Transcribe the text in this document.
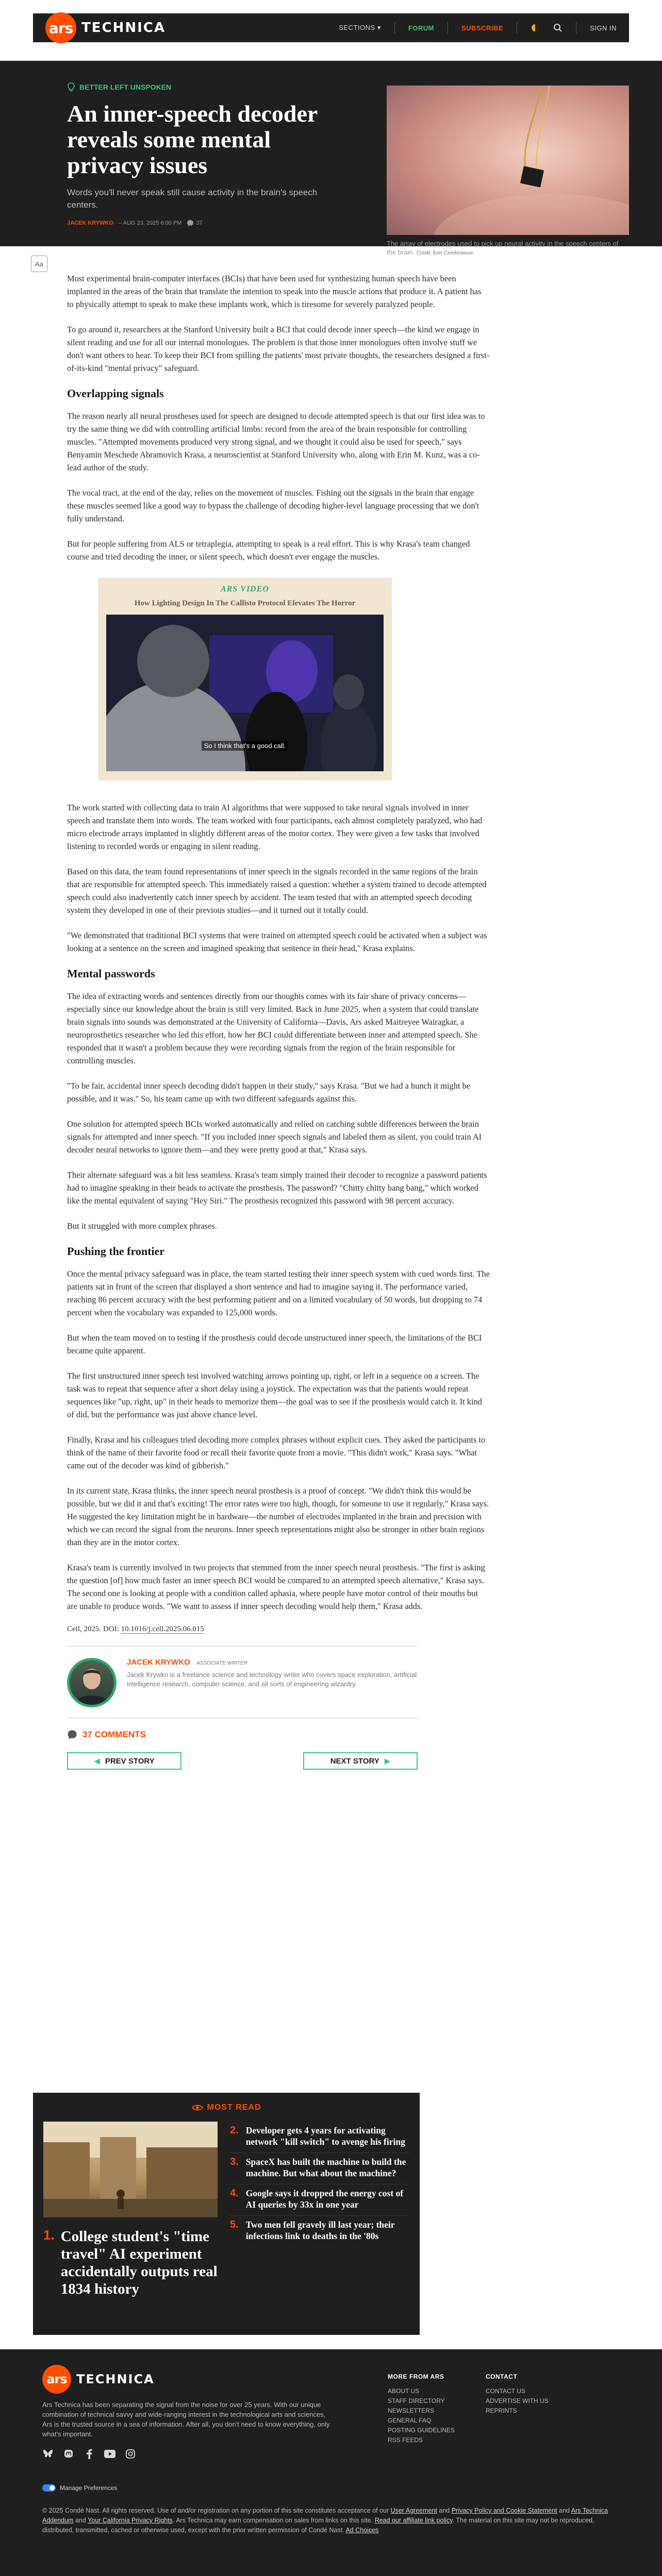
ars TECHNICA	SECTIONS ▾	FORUM	SUBSCRIBE	SIGN IN
BETTER LEFT UNSPOKEN
An inner-speech decoder reveals some mental privacy issues

Words you'll never speak still cause activity in the brain's speech centers.

JACEK KRYWKO – AUG 23, 2025 6:00 PM	37
The array of electrodes used to pick up neural activity in the speech centers of the brain. Credit: Erin Cerebrowsor
Aa

Most experimental brain-computer interfaces (BCIs) that have been used for synthesizing human speech have been implanted in the areas of the brain that translate the intention to speak into the muscle actions that produce it. A patient has to physically attempt to speak to make these implants work, which is tiresome for severely paralyzed people.

To go around it, researchers at the Stanford University built a BCI that could decode inner speech—the kind we engage in silent reading and use for all our internal monologues. The problem is that those inner monologues often involve stuff we don't want others to hear. To keep their BCI from spilling the patients' most private thoughts, the researchers designed a first-of-its-kind "mental privacy" safeguard.

Overlapping signals

The reason nearly all neural prostheses used for speech are designed to decode attempted speech is that our first idea was to try the same thing we did with controlling artificial limbs: record from the area of the brain responsible for controlling muscles. "Attempted movements produced very strong signal, and we thought it could also be used for speech," says Benyamin Meschede Abramovich Krasa, a neuroscientist at Stanford University who, along with Erin M. Kunz, was a co-lead author of the study.

The vocal tract, at the end of the day, relies on the movement of muscles. Fishing out the signals in the brain that engage these muscles seemed like a good way to bypass the challenge of decoding higher-level language processing that we don't fully understand.

But for people suffering from ALS or tetraplegia, attempting to speak is a real effort. This is why Krasa's team changed course and tried decoding the inner, or silent speech, which doesn't ever engage the muscles.

ARS VIDEO
How Lighting Design In The Callisto Protocol Elevates The Horror
So I think that's a good call.

The work started with collecting data to train AI algorithms that were supposed to take neural signals involved in inner speech and translate them into words. The team worked with four participants, each almost completely paralyzed, who had micro electrode arrays implanted in slightly different areas of the motor cortex. They were given a few tasks that involved listening to recorded words or engaging in silent reading.

Based on this data, the team found representations of inner speech in the signals recorded in the same regions of the brain that are responsible for attempted speech. This immediately raised a question: whether a system trained to decode attempted speech could also inadvertently catch inner speech by accident. The team tested that with an attempted speech decoding system they developed in one of their previous studies—and it turned out it totally could.

"We demonstrated that traditional BCI systems that were trained on attempted speech could be activated when a subject was looking at a sentence on the screen and imagined speaking that sentence in their head," Krasa explains.

Mental passwords

The idea of extracting words and sentences directly from our thoughts comes with its fair share of privacy concerns—especially since our knowledge about the brain is still very limited. Back in June 2025, when a system that could translate brain signals into sounds was demonstrated at the University of California—Davis, Ars asked Maitreyee Wairagkar, a neuroprosthetics researcher who led this effort, how her BCI could differentiate between inner and attempted speech. She responded that it wasn't a problem because they were recording signals from the region of the brain responsible for controlling muscles.

"To be fair, accidental inner speech decoding didn't happen in their study," says Krasa. "But we had a hunch it might be possible, and it was." So, his team came up with two different safeguards against this.

One solution for attempted speech BCIs worked automatically and relied on catching subtle differences between the brain signals for attempted and inner speech. "If you included inner speech signals and labeled them as silent, you could train AI decoder neural networks to ignore them—and they were pretty good at that," Krasa says.

Their alternate safeguard was a bit less seamless. Krasa's team simply trained their decoder to recognize a password patients had to imagine speaking in their heads to activate the prosthesis. The password? "Chitty chitty bang bang," which worked like the mental equivalent of saying "Hey Siri." The prosthesis recognized this password with 98 percent accuracy.

But it struggled with more complex phrases.

Pushing the frontier

Once the mental privacy safeguard was in place, the team started testing their inner speech system with cued words first. The patients sat in front of the screen that displayed a short sentence and had to imagine saying it. The performance varied, reaching 86 percent accuracy with the best performing patient and on a limited vocabulary of 50 words, but dropping to 74 percent when the vocabulary was expanded to 125,000 words.

But when the team moved on to testing if the prosthesis could decode unstructured inner speech, the limitations of the BCI became quite apparent.

The first unstructured inner speech test involved watching arrows pointing up, right, or left in a sequence on a screen. The task was to repeat that sequence after a short delay using a joystick. The expectation was that the patients would repeat sequences like "up, right, up" in their heads to memorize them—the goal was to see if the prosthesis would catch it. It kind of did, but the performance was just above chance level.

Finally, Krasa and his colleagues tried decoding more complex phrases without explicit cues. They asked the participants to think of the name of their favorite food or recall their favorite quote from a movie. "This didn't work," Krasa says. "What came out of the decoder was kind of gibberish."

In its current state, Krasa thinks, the inner speech neural prosthesis is a proof of concept. "We didn't think this would be possible, but we did it and that's exciting! The error rates were too high, though, for someone to use it regularly," Krasa says. He suggested the key limitation might be in hardware—the number of electrodes implanted in the brain and precision with which we can record the signal from the neurons. Inner speech representations might also be stronger in other brain regions than they are in the motor cortex.

Krasa's team is currently involved in two projects that stemmed from the inner speech neural prosthesis. "The first is asking the question [of] how much faster an inner speech BCI would be compared to an attempted speech alternative," Krasa says. The second one is looking at people with a condition called aphasia, where people have motor control of their mouths but are unable to produce words. "We want to assess if inner speech decoding would help them," Krasa adds.

Cell, 2025. DOI: 10.1016/j.cell.2025.06.015

JACEK KRYWKO ASSOCIATE WRITER

Jacek Krywko is a freelance science and technology writer who covers space exploration, artificial intelligence research, computer science, and all sorts of engineering wizardry.

37 COMMENTS
◀ PREV STORY	NEXT STORY ▶
MOST READ
1. College student's "time travel" AI experiment accidentally outputs real 1834 history
2. Developer gets 4 years for activating network "kill switch" to avenge his firing
3. SpaceX has built the machine to build the machine. But what about the machine?
4. Google says it dropped the energy cost of AI queries by 33x in one year
5. Two men fell gravely ill last year; their infections link to deaths in the '80s
ars TECHNICA

Ars Technica has been separating the signal from the noise for over 25 years. With our unique combination of technical savvy and wide-ranging interest in the technological arts and sciences, Ars is the trusted source in a sea of information. After all, you don't need to know everything, only what's important.

MORE FROM ARS
ABOUT US
STAFF DIRECTORY
NEWSLETTERS
GENERAL FAQ
POSTING GUIDELINES
RSS FEEDS
CONTACT
CONTACT US
ADVERTISE WITH US
REPRINTS
Manage Preferences

© 2025 Condé Nast. All rights reserved. Use of and/or registration on any portion of this site constitutes acceptance of our User Agreement and Privacy Policy and Cookie Statement and Ars Technica Addendum and Your California Privacy Rights. Ars Technica may earn compensation on sales from links on this site. Read our affiliate link policy. The material on this site may not be reproduced, distributed, transmitted, cached or otherwise used, except with the prior written permission of Condé Nast. Ad Choices
